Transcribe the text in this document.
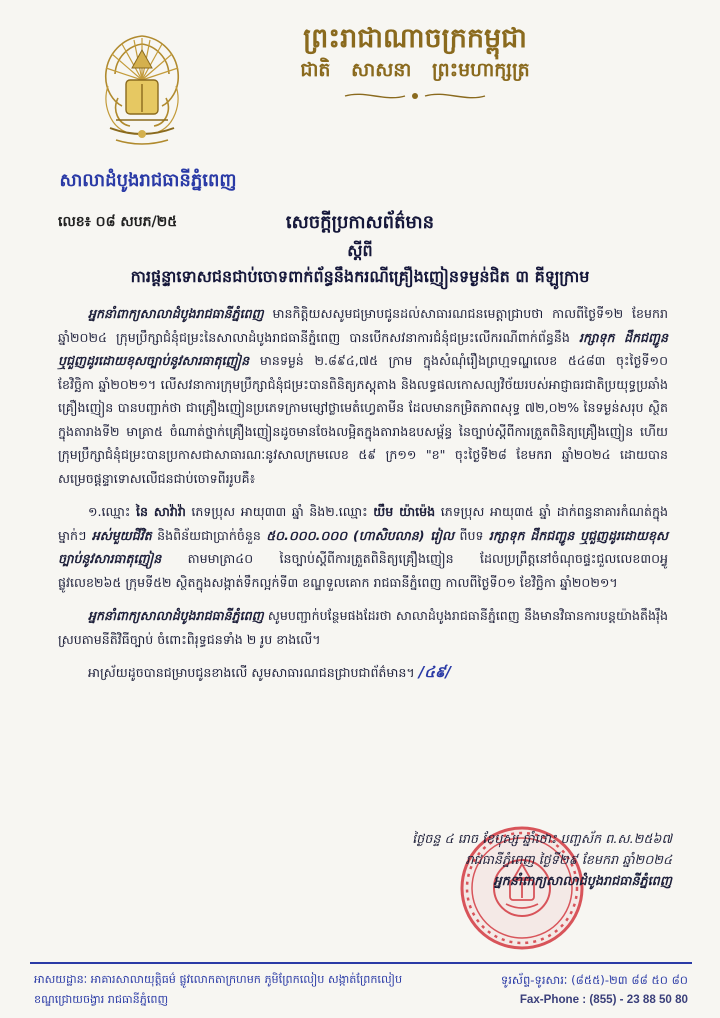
សាលាដំបូងរាជធានីភ្នំពេញ
ព្រះរាជាណាចក្រកម្ពុជា
ជាតិ សាសនា ព្រះមហាក្សត្រ
លេខ៖ ០៨ សបភ/២៥	សេចក្តីប្រកាសព័ត៌មាន
ស្តីពី
ការផ្តន្ទាទោសជនជាប់ចោទពាក់ព័ន្ធនឹងករណីគ្រឿងញៀនទម្ងន់ជិត ៣ គីឡូក្រាម

អ្នកនាំពាក្យសាលាដំបូងរាជធានីភ្នំពេញ មានកិត្តិយសសូមជម្រាបជូនដល់សាធារណជនមេត្តាជ្រាបថា កាលពីថ្ងៃទី១២ ខែមករា ឆ្នាំ២០២៤ ក្រុមប្រឹក្សាជំនុំជម្រះនៃសាលាដំបូងរាជធានីភ្នំពេញ បានបើកសវនាការជំនុំជម្រះលើករណីពាក់ព័ន្ធនឹង រក្សាទុក ដឹកជញ្ជូន ឬជួញដូរដោយខុសច្បាប់នូវសារធាតុញៀន មានទម្ងន់ ២.៨៩៤,៧៥ ក្រាម ក្នុងសំណុំរឿងព្រហ្មទណ្ឌលេខ ៥៤៨៣ ចុះថ្ងៃទី១០ ខែវិច្ឆិកា ឆ្នាំ២០២១។ លើសវនាការក្រុមប្រឹក្សាជំនុំជម្រះបានពិនិត្យភស្តុតាង និងលទ្ធផលកោសល្យវិច័យរបស់អាជ្ញាធរជាតិប្រយុទ្ធប្រឆាំងគ្រឿងញៀន បានបញ្ជាក់ថា ជាគ្រឿងញៀនប្រភេទក្រាមម្សៅថ្លាមេតំហ្វេតាមីន ដែលមានកម្រិតភាពសុទ្ធ ៧២,០២% នៃទម្ងន់សរុប ស្ថិតក្នុងតារាងទី២ មាត្រា៥ ចំណាត់ថ្នាក់គ្រឿងញៀនដូចមានចែងលម្អិតក្នុងតារាងឧបសម្ព័ន្ធ នៃច្បាប់ស្តីពីការត្រួតពិនិត្យគ្រឿងញៀន ហើយក្រុមប្រឹក្សាជំនុំជម្រះបានប្រកាសជាសាធារណៈនូវសាលក្រមលេខ ៥៩ ក្រ១១ "ខ" ចុះថ្ងៃទី២៨ ខែមករា ឆ្នាំ២០២៤ ដោយបានសម្រេចផ្តន្ទាទោសលើជនជាប់ចោទពីររូបគឺ៖

១.ឈ្មោះ នៃ សាវ៉ាវ៉ា ភេទប្រុស អាយុ៣៣ ឆ្នាំ និង២.ឈ្មោះ យឹម យ៉ាម៉េង ភេទប្រុស អាយុ៣៥ ឆ្នាំ ដាក់ពន្ធនាគារកំណត់ក្នុងម្នាក់ៗ អស់មួយជីវិត និងពិន័យជាប្រាក់ចំនួន ៥០.០០០.០០០ (ហាសិបលាន) រៀល ពីបទ រក្សាទុក ដឹកជញ្ជូន ឬជួញដូរដោយខុសច្បាប់នូវសារធាតុញៀន តាមមាត្រា៤០ នៃច្បាប់ស្តីពីការត្រួតពិនិត្យគ្រឿងញៀន ដែលប្រព្រឹត្តនៅចំណុចផ្ទះជួលលេខ៣០អ្វូ ផ្លូវលេខ២៦៥ ក្រុមទី៥២ ស្ថិតក្នុងសង្កាត់ទឹកល្អក់ទី៣ ខណ្ឌទួលគោក រាជធានីភ្នំពេញ កាលពីថ្ងៃទី០១ ខែវិច្ឆិកា ឆ្នាំ២០២១។

អ្នកនាំពាក្យសាលាដំបូងរាជធានីភ្នំពេញ សូមបញ្ជាក់បន្ថែមផងដែរថា សាលាដំបូងរាជធានីភ្នំពេញ នឹងមានវិធានការបន្តយ៉ាងតឹងរ៉ឹងស្របតាមនីតិវិធីច្បាប់ ចំពោះពិរុទ្ធជនទាំង ២ រូប ខាងលើ។

អាស្រ័យដូចបានជម្រាបជូនខាងលើ សូមសាធារណជនជ្រាបជាព័ត៌មាន។ /៤៩/
ថ្ងៃចន្ទ ៤ រោច ខែបុស្ស ឆ្នាំថោះ បញ្ចស័ក ព.ស.២៥៦៧
រាជធានីភ្នំពេញ ថ្ងៃទី២៩ ខែមករា ឆ្នាំ២០២៤
អ្នកនាំពាក្យសាលាដំបូងរាជធានីភ្នំពេញ
អាសយដ្ឋានៈ អាគារសាលាយុត្តិធម៌ ផ្លូវលោកតាក្រហមក ភូមិព្រែកលៀប សង្កាត់ព្រែកលៀប
ខណ្ឌជ្រោយចង្វារ រាជធានីភ្នំពេញ
ទូរស័ព្ទ-ទូរសារៈ (៨៥៥)-២៣ ៨៨ ៥០ ៨០
Fax-Phone : (855) - 23 88 50 80
